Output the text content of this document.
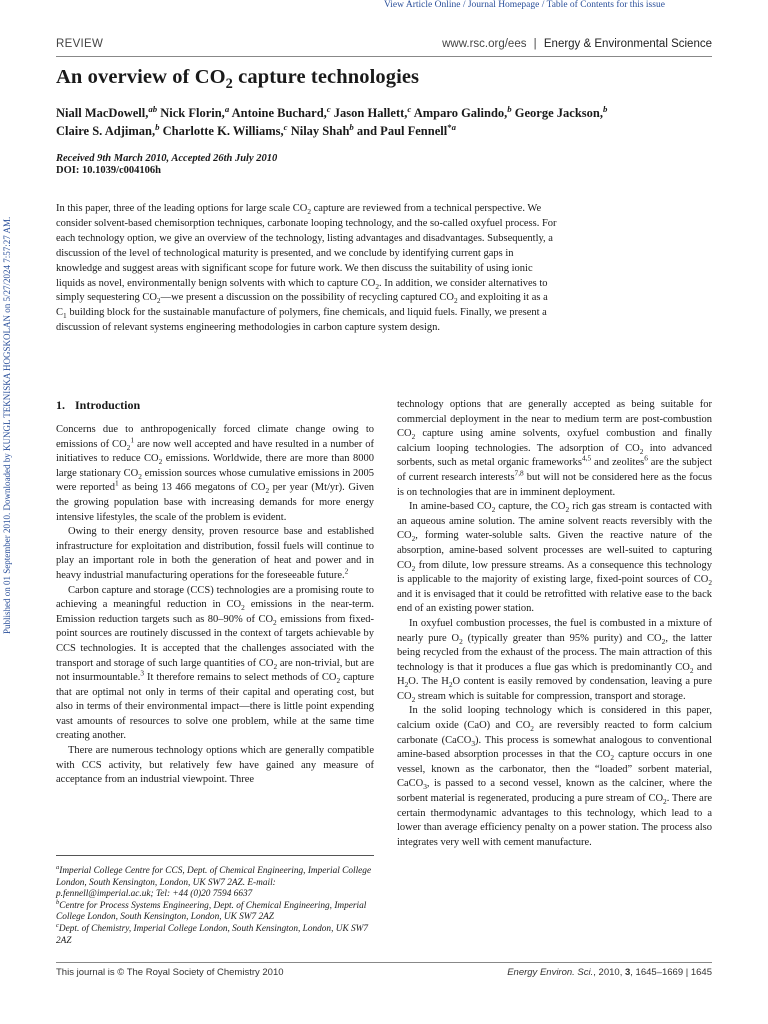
View Article Online / Journal Homepage / Table of Contents for this issue
Published on 01 September 2010. Downloaded by KUNGL TEKNISKA HOGSKOLAN on 5/27/2024 7:57:27 AM.
REVIEW	www.rsc.org/ees | Energy & Environmental Science
An overview of $CO_2$ capture technologies
Niall MacDowell,$^{ab}$ Nick Florin,$^a$ Antoine Buchard,$^c$ Jason Hallett,$^c$ Amparo Galindo,$^b$ George Jackson,$^b$
Claire S. Adjiman,$^b$ Charlotte K. Williams,$^c$ Nilay Shah$^b$ and Paul Fennell$^{*a}$
Received 9th March 2010, Accepted 26th July 2010
DOI: 10.1039/c004106h

In this paper, three of the leading options for large scale $CO_2$ capture are reviewed from a technical perspective. We consider solvent-based chemisorption techniques, carbonate looping technology, and the so-called oxyfuel process. For each technology option, we give an overview of the technology, listing advantages and disadvantages. Subsequently, a discussion of the level of technological maturity is presented, and we conclude by identifying current gaps in knowledge and suggest areas with significant scope for future work. We then discuss the suitability of using ionic liquids as novel, environmentally benign solvents with which to capture $CO_2$. In addition, we consider alternatives to simply sequestering $CO_2—we$ present a discussion on the possibility of recycling captured $CO_2$ and exploiting it as a $C_1$ building block for the sustainable manufacture of polymers, fine chemicals, and liquid fuels. Finally, we present a discussion of relevant systems engineering methodologies in carbon capture system design.

1. Introduction

Concerns due to anthropogenically forced climate change owing to emissions of $CO_2^1$ are now well accepted and have resulted in a number of initiatives to reduce $CO_2$ emissions. Worldwide, there are more than 8000 large stationary $CO_2$ emission sources whose cumulative emissions in 2005 were reported$^1$ as being 13 466 megatons of $CO_2$ per year (Mt/yr). Given the growing population base with increasing demands for more energy intensive lifestyles, the scale of the problem is evident.

Owing to their energy density, proven resource base and established infrastructure for exploitation and distribution, fossil fuels will continue to play an important role in both the generation of heat and power and in heavy industrial manufacturing operations for the foreseeable future.$^2$

Carbon capture and storage (CCS) technologies are a promising route to achieving a meaningful reduction in $CO_2$ emissions in the near-term. Emission reduction targets such as 80–90% of $CO_2$ emissions from fixed-point sources are routinely discussed in the context of targets achievable by CCS technologies. It is accepted that the challenges associated with the transport and storage of such large quantities of $CO_2$ are non-trivial, but are not insurmountable.$^3$ It therefore remains to select methods of $CO_2$ capture that are optimal not only in terms of their capital and operating cost, but also in terms of their environmental impact—there is little point expending vast amounts of resources to solve one problem, while at the same time creating another.

There are numerous technology options which are generally compatible with CCS activity, but relatively few have gained any measure of acceptance from an industrial viewpoint. Three

technology options that are generally accepted as being suitable for commercial deployment in the near to medium term are post-combustion $CO_2$ capture using amine solvents, oxyfuel combustion and finally calcium looping technologies. The adsorption of $CO_2$ into advanced sorbents, such as metal organic frameworks$^{4,5}$ and zeolites$^6$ are the subject of current research interests$^{7,8}$ but will not be considered here as the focus is on technologies that are in imminent deployment.

In amine-based $CO_2$ capture, the $CO_2$ rich gas stream is contacted with an aqueous amine solution. The amine solvent reacts reversibly with the $CO_2$, forming water-soluble salts. Given the reactive nature of the absorption, amine-based solvent processes are well-suited to capturing $CO_2$ from dilute, low pressure streams. As a consequence this technology is applicable to the majority of existing large, fixed-point sources of $CO_2$ and it is envisaged that it could be retrofitted with relative ease to the back end of an existing power station.

In oxyfuel combustion processes, the fuel is combusted in a mixture of nearly pure $O_2$ (typically greater than 95% purity) and $CO_2$, the latter being recycled from the exhaust of the process. The main attraction of this technology is that it produces a flue gas which is predominantly $CO_2$ and $H_2O$. The $H_2O$ content is easily removed by condensation, leaving a pure $CO_2$ stream which is suitable for compression, transport and storage.

In the solid looping technology which is considered in this paper, calcium oxide (CaO) and $CO_2$ are reversibly reacted to form calcium carbonate (CaCO$_3$). This process is somewhat analogous to conventional amine-based absorption processes in that the $CO_2$ capture occurs in one vessel, known as the carbonator, then the “loaded” sorbent material, CaCO$_3$, is passed to a second vessel, known as the calciner, where the sorbent material is regenerated, producing a pure stream of $CO_2$. There are certain thermodynamic advantages to this technology, which lead to a lower than average efficiency penalty on a power station. The process also integrates very well with cement manufacture.

$^a$Imperial College Centre for CCS, Dept. of Chemical Engineering, Imperial College London, South Kensington, London, UK SW7 2AZ. E-mail: p.fennell@imperial.ac.uk; Tel: +44 (0)20 7594 6637

$^b$Centre for Process Systems Engineering, Dept. of Chemical Engineering, Imperial College London, South Kensington, London, UK SW7 2AZ

$^c$Dept. of Chemistry, Imperial College London, South Kensington, London, UK SW7 2AZ

This journal is © The Royal Society of Chemistry 2010	Energy Environ. Sci., 2010, 3, 1645–1669 | 1645
